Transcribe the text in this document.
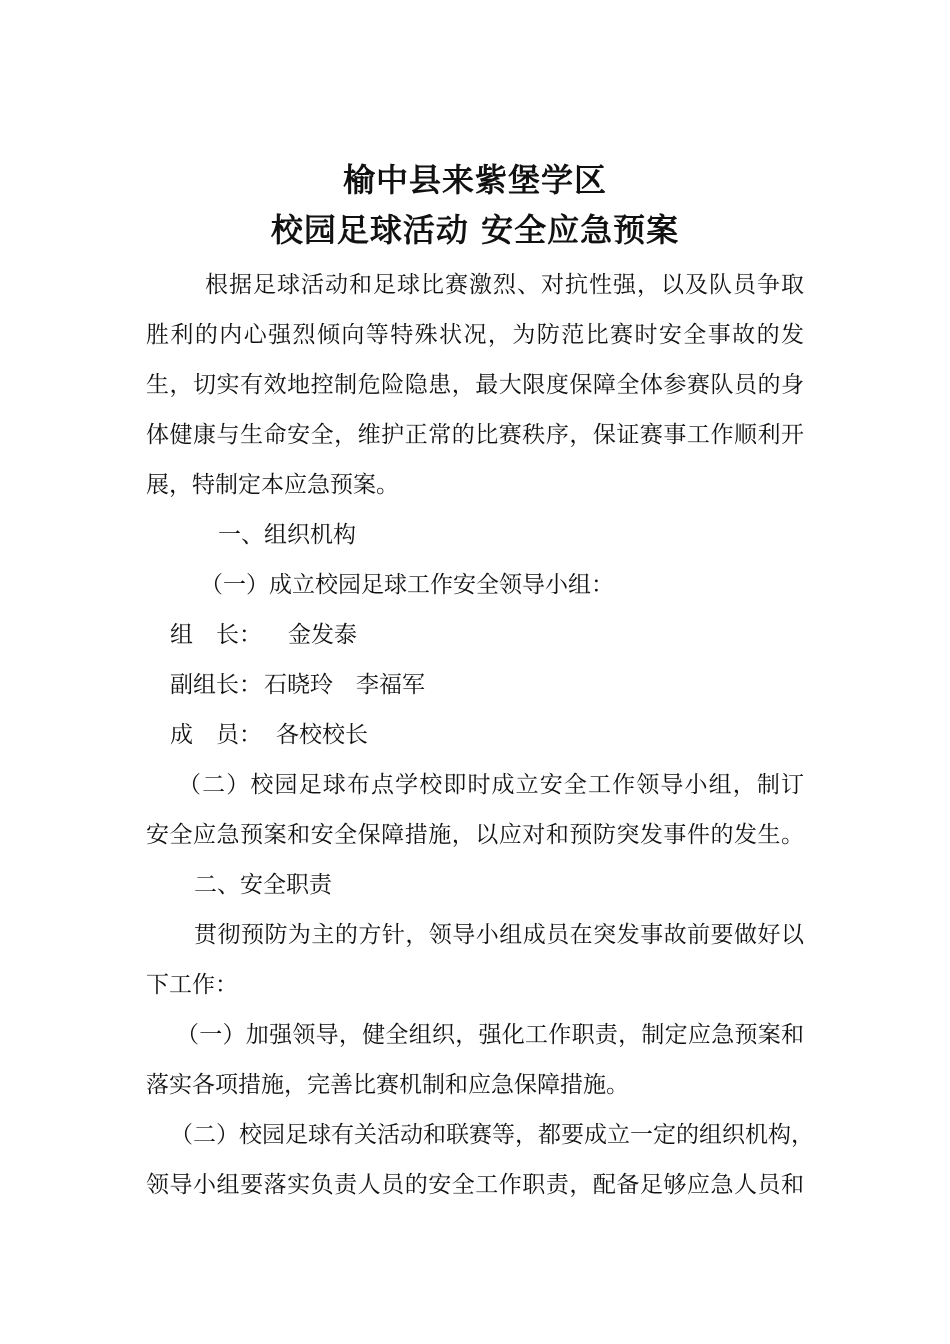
榆中县来紫堡学区
校园足球活动 安全应急预案
根据足球活动和足球比赛激烈、对抗性强，以及队员争取
胜利的内心强烈倾向等特殊状况，为防范比赛时安全事故的发
生，切实有效地控制危险隐患，最大限度保障全体参赛队员的身
体健康与生命安全，维护正常的比赛秩序，保证赛事工作顺利开
展，特制定本应急预案。
一、组织机构
（一）成立校园足球工作安全领导小组：
组　长： 金发泰
副组长： 石晓玲　李福军
成　员： 各校校长
（二）校园足球布点学校即时成立安全工作领导小组，制订
安全应急预案和安全保障措施，以应对和预防突发事件的发生。
二、安全职责
贯彻预防为主的方针，领导小组成员在突发事故前要做好以
下工作：
（一）加强领导，健全组织，强化工作职责，制定应急预案和
落实各项措施，完善比赛机制和应急保障措施。
（二）校园足球有关活动和联赛等，都要成立一定的组织机构，
领导小组要落实负责人员的安全工作职责，配备足够应急人员和
